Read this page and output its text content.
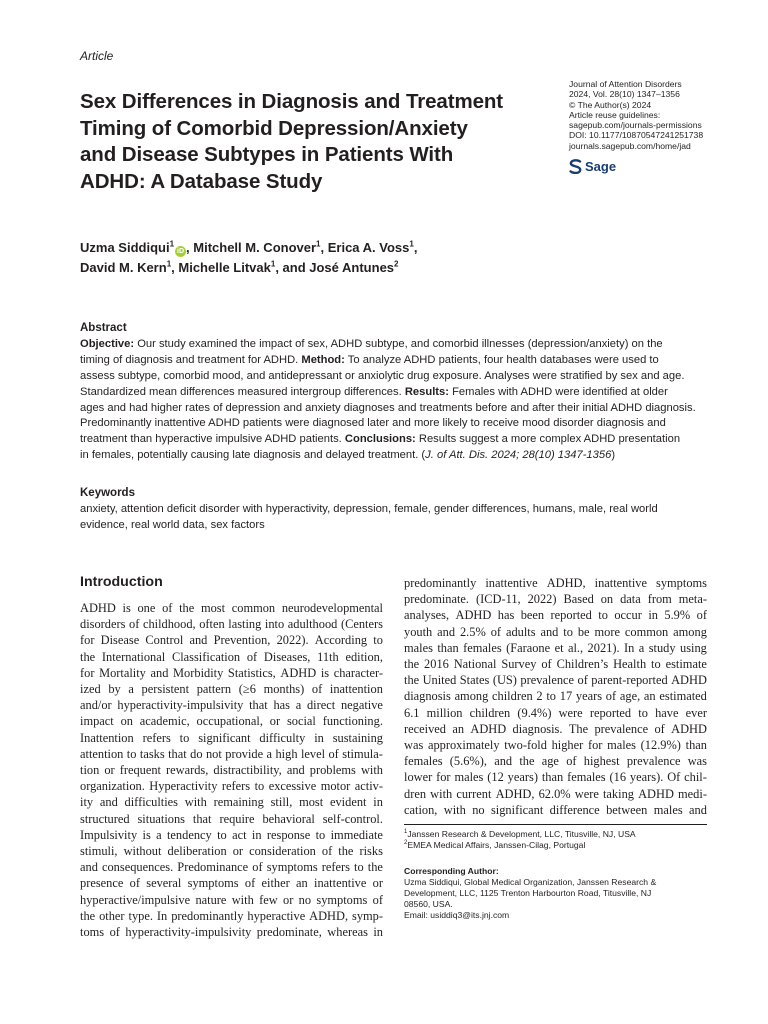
Article
Sex Differences in Diagnosis and Treatment
Timing of Comorbid Depression/Anxiety
and Disease Subtypes in Patients With
ADHD: A Database Study
Journal of Attention Disorders
2024, Vol. 28(10) 1347–1356
© The Author(s) 2024
Article reuse guidelines:
sagepub.com/journals-permissions
DOI: 10.1177/10870547241251738
journals.sagepub.com/home/jad
Sage
Uzma Siddiqui$^1$iD , Mitchell M. Conover$^1$, Erica A. Voss$^1$,
David M. Kern$^1$, Michelle Litvak$^1$, and José Antunes$^2$
Abstract
Objective: Our study examined the impact of sex, ADHD subtype, and comorbid illnesses (depression/anxiety) on the
timing of diagnosis and treatment for ADHD. Method: To analyze ADHD patients, four health databases were used to
assess subtype, comorbid mood, and antidepressant or anxiolytic drug exposure. Analyses were stratified by sex and age.
Standardized mean differences measured intergroup differences. Results: Females with ADHD were identified at older
ages and had higher rates of depression and anxiety diagnoses and treatments before and after their initial ADHD diagnosis.
Predominantly inattentive ADHD patients were diagnosed later and more likely to receive mood disorder diagnosis and
treatment than hyperactive impulsive ADHD patients. Conclusions: Results suggest a more complex ADHD presentation
in females, potentially causing late diagnosis and delayed treatment. (J. of Att. Dis. 2024; 28(10) 1347-1356)
Keywords
anxiety, attention deficit disorder with hyperactivity, depression, female, gender differences, humans, male, real world
evidence, real world data, sex factors
Introduction
ADHD is one of the most common neurodevelopmental
disorders of childhood, often lasting into adulthood (Centers
for Disease Control and Prevention, 2022). According to
the International Classification of Diseases, 11th edition,
for Mortality and Morbidity Statistics, ADHD is character-
ized by a persistent pattern (≥6 months) of inattention
and/or hyperactivity-impulsivity that has a direct negative
impact on academic, occupational, or social functioning.
Inattention refers to significant difficulty in sustaining
attention to tasks that do not provide a high level of stimula-
tion or frequent rewards, distractibility, and problems with
organization. Hyperactivity refers to excessive motor activ-
ity and difficulties with remaining still, most evident in
structured situations that require behavioral self-control.
Impulsivity is a tendency to act in response to immediate
stimuli, without deliberation or consideration of the risks
and consequences. Predominance of symptoms refers to the
presence of several symptoms of either an inattentive or
hyperactive/impulsive nature with few or no symptoms of
the other type. In predominantly hyperactive ADHD, symp-
toms of hyperactivity-impulsivity predominate, whereas in
predominantly inattentive ADHD, inattentive symptoms
predominate. (ICD-11, 2022) Based on data from meta-
analyses, ADHD has been reported to occur in 5.9% of
youth and 2.5% of adults and to be more common among
males than females (Faraone et al., 2021). In a study using
the 2016 National Survey of Children’s Health to estimate
the United States (US) prevalence of parent-reported ADHD
diagnosis among children 2 to 17 years of age, an estimated
6.1 million children (9.4%) were reported to have ever
received an ADHD diagnosis. The prevalence of ADHD
was approximately two-fold higher for males (12.9%) than
females (5.6%), and the age of highest prevalence was
lower for males (12 years) than females (16 years). Of chil-
dren with current ADHD, 62.0% were taking ADHD medi-
cation, with no significant difference between males and
$^1$Janssen Research & Development, LLC, Titusville, NJ, USA
$^2$EMEA Medical Affairs, Janssen-Cilag, Portugal
Corresponding Author:
Uzma Siddiqui, Global Medical Organization, Janssen Research &
Development, LLC, 1125 Trenton Harbourton Road, Titusville, NJ
08560, USA.
Email: usiddiq3@its.jnj.com
